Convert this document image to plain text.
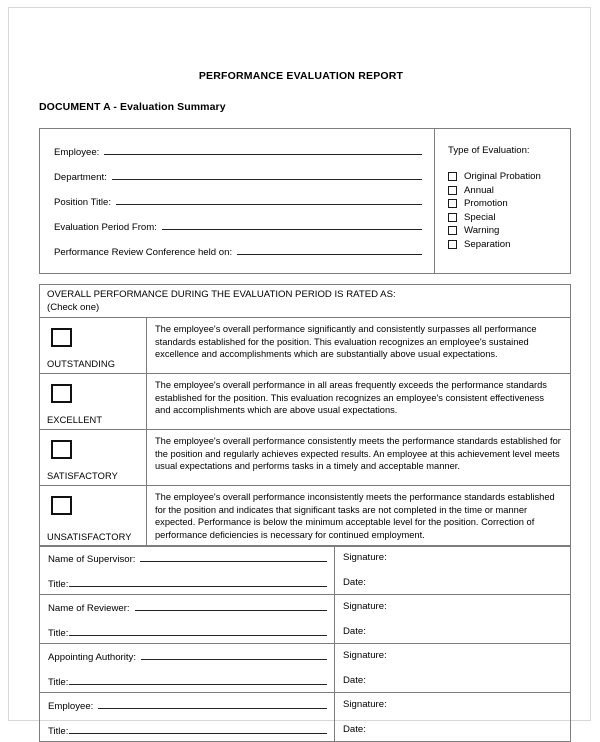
PERFORMANCE EVALUATION REPORT
DOCUMENT A - Evaluation Summary
Employee:
Department:
Position Title:
Evaluation Period From:
Performance Review Conference held on:
Type of Evaluation:
Original Probation
Annual
Promotion
Special
Warning
Separation
OVERALL PERFORMANCE DURING THE EVALUATION PERIOD IS RATED AS:
(Check one)
OUTSTANDING
The employee's overall performance significantly and consistently surpasses all performance standards established for the position. This evaluation recognizes an employee's sustained excellence and accomplishments which are substantially above usual expectations.
EXCELLENT
The employee's overall performance in all areas frequently exceeds the performance standards established for the position. This evaluation recognizes an employee's consistent effectiveness and accomplishments which are above usual expectations.
SATISFACTORY
The employee's overall performance consistently meets the performance standards established for the position and regularly achieves expected results. An employee at this achievement level meets usual expectations and performs tasks in a timely and acceptable manner.
UNSATISFACTORY
The employee's overall performance inconsistently meets the performance standards established for the position and indicates that significant tasks are not completed in the time or manner expected. Performance is below the minimum acceptable level for the position. Correction of performance deficiencies is necessary for continued employment.
Name of Supervisor:
Title:
Signature:
Date:
Name of Reviewer:
Title:
Signature:
Date:
Appointing Authority:
Title:
Signature:
Date:
Employee:
Title:
Signature:
Date:
